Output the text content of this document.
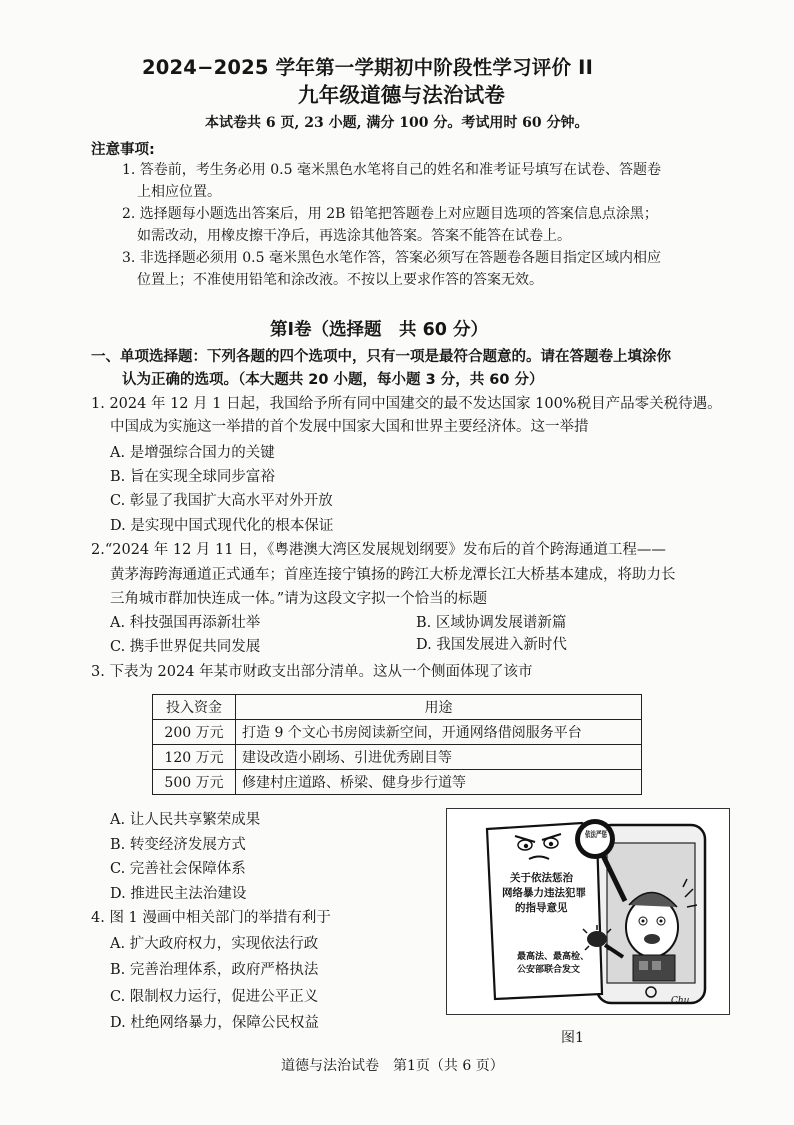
2024−2025 学年第一学期初中阶段性学习评价 II
九年级道德与法治试卷
本试卷共 6 页, 23 小题, 满分 100 分。考试用时 60 分钟。
注意事项:
1. 答卷前，考生务必用 0.5 毫米黑色水笔将自己的姓名和准考证号填写在试卷、答题卷
上相应位置。
2. 选择题每小题选出答案后，用 2B 铅笔把答题卷上对应题目选项的答案信息点涂黑；
如需改动，用橡皮擦干净后，再选涂其他答案。答案不能答在试卷上。
3. 非选择题必须用 0.5 毫米黑色水笔作答，答案必须写在答题卷各题目指定区域内相应
位置上；不准使用铅笔和涂改液。不按以上要求作答的答案无效。
第I卷（选择题　共 60 分）
一、单项选择题：下列各题的四个选项中，只有一项是最符合题意的。请在答题卷上填涂你
认为正确的选项。（本大题共 20 小题，每小题 3 分，共 60 分）
1. 2024 年 12 月 1 日起，我国给予所有同中国建交的最不发达国家 100%税目产品零关税待遇。
中国成为实施这一举措的首个发展中国家大国和世界主要经济体。这一举措
A. 是增强综合国力的关键
B. 旨在实现全球同步富裕
C. 彰显了我国扩大高水平对外开放
D. 是实现中国式现代化的根本保证
2.“2024 年 12 月 11 日，《粤港澳大湾区发展规划纲要》发布后的首个跨海通道工程——
黄茅海跨海通道正式通车；首座连接宁镇扬的跨江大桥龙潭长江大桥基本建成，将助力长
三角城市群加快连成一体。”请为这段文字拟一个恰当的标题
A. 科技强国再添新壮举	B. 区域协调发展谱新篇
C. 携手世界促共同发展	D. 我国发展进入新时代
3. 下表为 2024 年某市财政支出部分清单。这从一个侧面体现了该市
投入资金	用途
200 万元	打造 9 个文心书房阅读新空间，开通网络借阅服务平台
120 万元	建设改造小剧场、引进优秀剧目等
500 万元	修建村庄道路、桥梁、健身步行道等
A. 让人民共享繁荣成果
B. 转变经济发展方式
C. 完善社会保障体系
D. 推进民主法治建设
4. 图 1 漫画中相关部门的举措有利于
A. 扩大政府权力，实现依法行政
B. 完善治理体系，政府严格执法
C. 限制权力运行，促进公平正义
D. 杜绝网络暴力，保障公民权益
关于依法惩治
网络暴力违法犯罪
的指导意见
最高法、最高检、
公安部联合发文
依法严惩
Chu
图1
道德与法治试卷　第1页（共 6 页）
